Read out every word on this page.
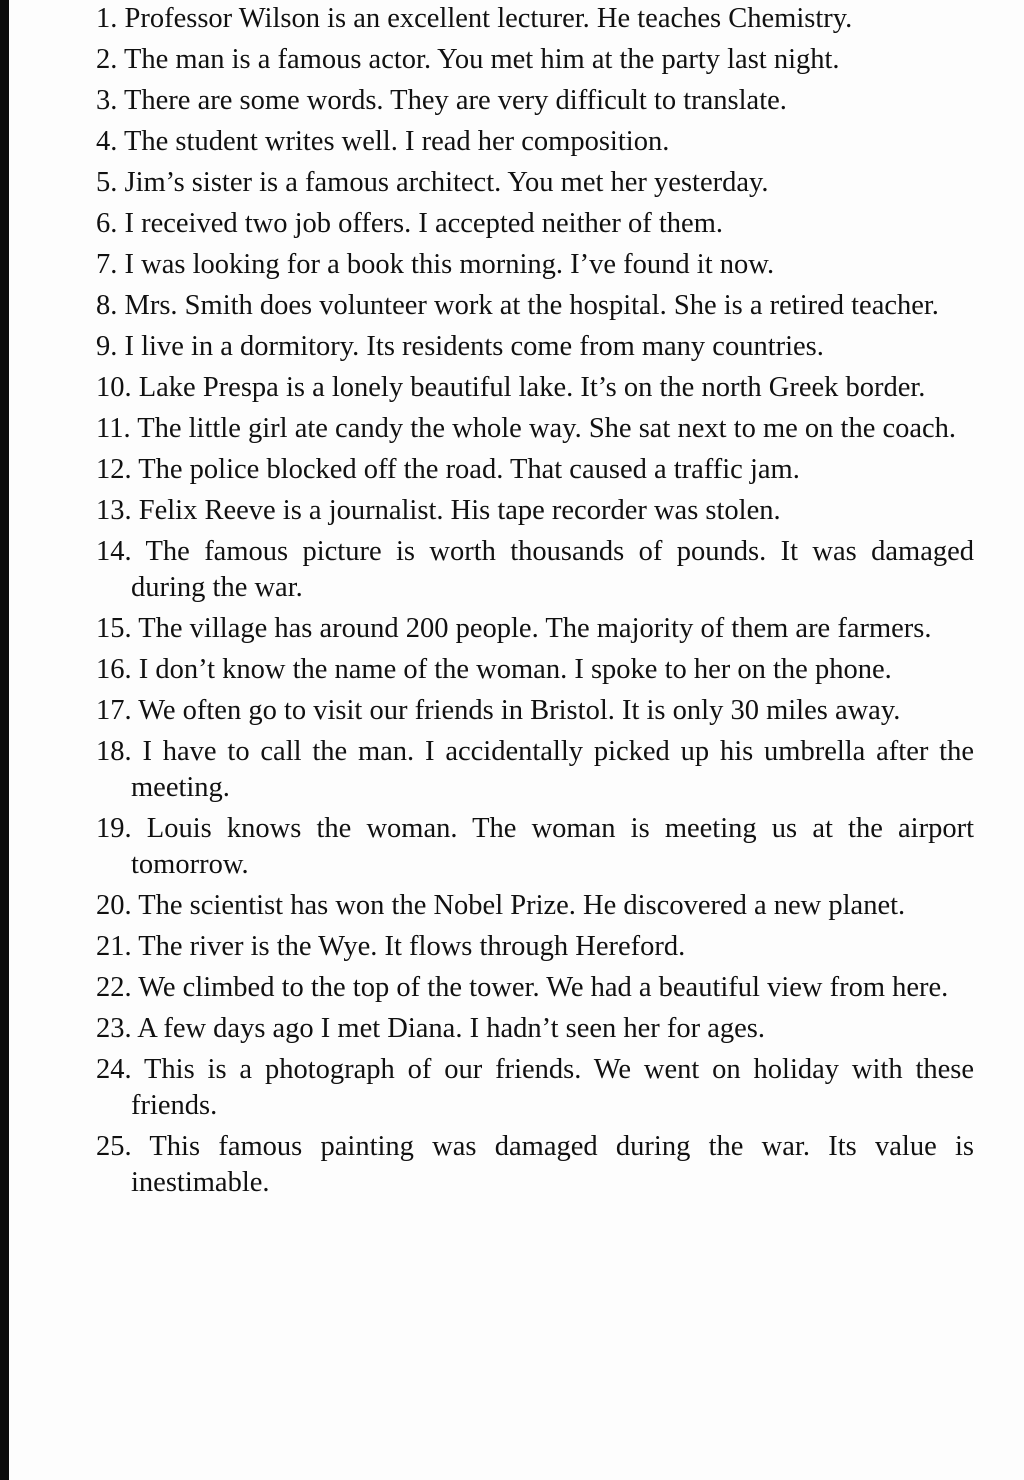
1. Professor Wilson is an excellent lecturer. He teaches Chemistry.
2. The man is a famous actor. You met him at the party last night.
3. There are some words. They are very difficult to translate.
4. The student writes well. I read her composition.
5. Jim’s sister is a famous architect. You met her yesterday.
6. I received two job offers. I accepted neither of them.
7. I was looking for a book this morning. I’ve found it now.
8. Mrs. Smith does volunteer work at the hospital. She is a retired teacher.
9. I live in a dormitory. Its residents come from many countries.
10. Lake Prespa is a lonely beautiful lake. It’s on the north Greek border.
11. The little girl ate candy the whole way. She sat next to me on the coach.
12. The police blocked off the road. That caused a traffic jam.
13. Felix Reeve is a journalist. His tape recorder was stolen.
14. The famous picture is worth thousands of pounds. It was damaged during the war.
15. The village has around 200 people. The majority of them are farmers.
16. I don’t know the name of the woman. I spoke to her on the phone.
17. We often go to visit our friends in Bristol. It is only 30 miles away.
18. I have to call the man. I accidentally picked up his umbrella after the meeting.
19. Louis knows the woman. The woman is meeting us at the airport tomorrow.
20. The scientist has won the Nobel Prize. He discovered a new planet.
21. The river is the Wye. It flows through Hereford.
22. We climbed to the top of the tower. We had a beautiful view from here.
23. A few days ago I met Diana. I hadn’t seen her for ages.
24. This is a photograph of our friends. We went on holiday with these friends.
25. This famous painting was damaged during the war. Its value is inestimable.
